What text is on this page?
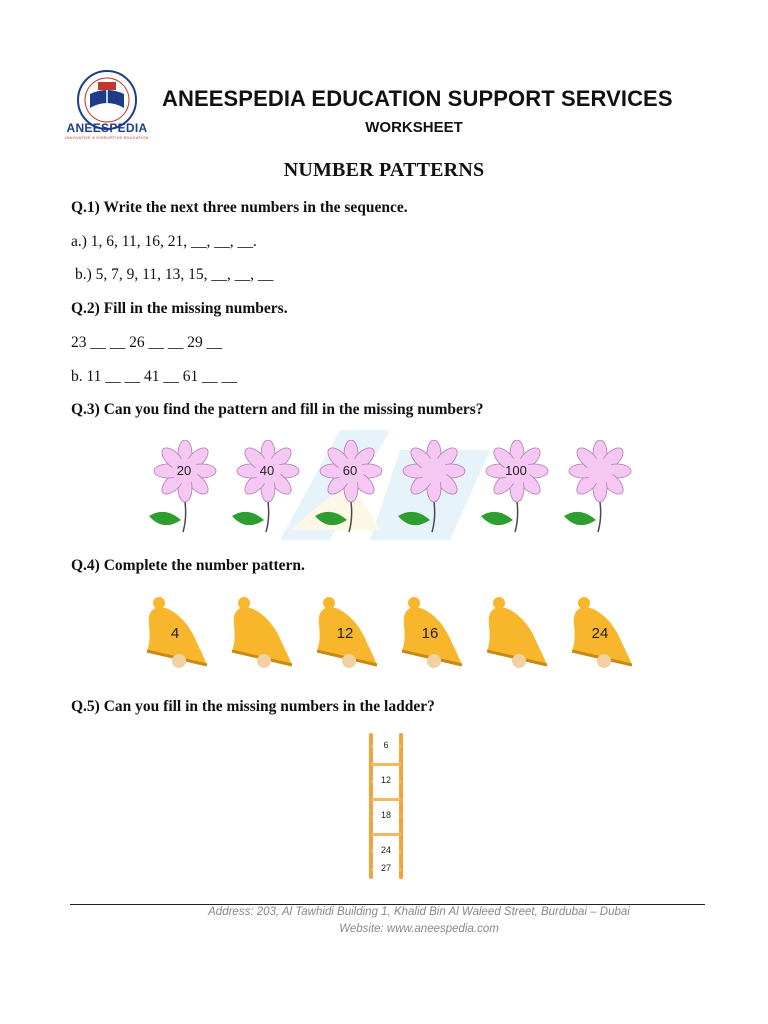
ANEESPEDIA
INNOVATIVE & DISRUPTIVE EDUCATION
ANEESPEDIA EDUCATION SUPPORT SERVICES
WORKSHEET
NUMBER PATTERNS
Q.1) Write the next three numbers in the sequence.
a.) 1, 6, 11, 16, 21, __, __, __.
b.) 5, 7, 9, 11, 13, 15, __, __, __
Q.2) Fill in the missing numbers.
23 __ __ 26 __ __ 29 __
b. 11 __ __ 41 __ 61 __ __
Q.3) Can you find the pattern and fill in the missing numbers?
20	40	60	100
Q.4) Complete the number pattern.
4	12	16	24
Q.5) Can you fill in the missing numbers in the ladder?
6
12
18
24
27
Address: 203, Al Tawhidi Building 1, Khalid Bin Al Waleed Street, Burdubai – Dubai
Website: www.aneespedia.com
